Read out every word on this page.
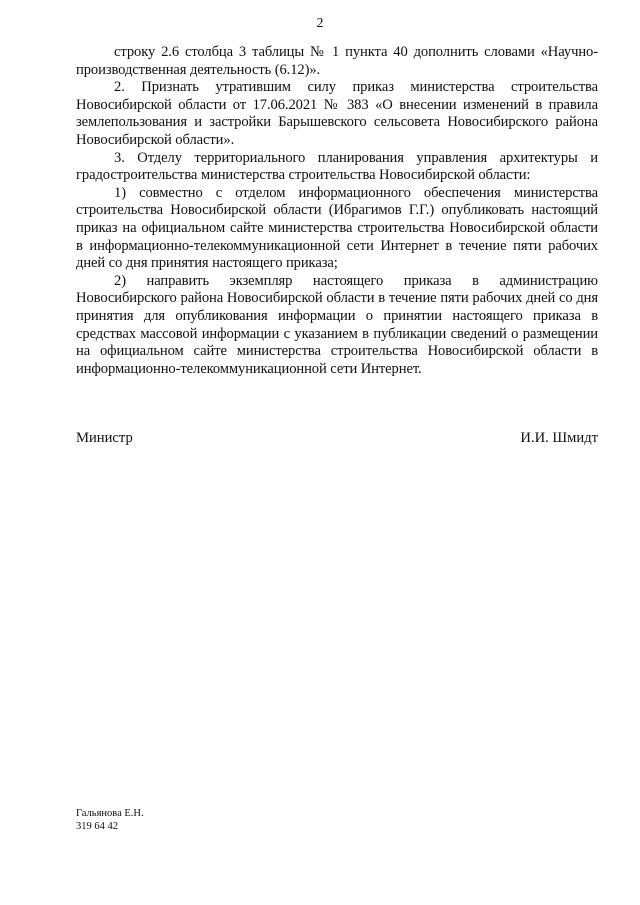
2

строку 2.6 столбца 3 таблицы № 1 пункта 40 дополнить словами «Научно-производственная деятельность (6.12)».

2. Признать утратившим силу приказ министерства строительства Новосибирской области от 17.06.2021 № 383 «О внесении изменений в правила землепользования и застройки Барышевского сельсовета Новосибирского района Новосибирской области».

3. Отделу территориального планирования управления архитектуры и градостроительства министерства строительства Новосибирской области:

1) совместно с отделом информационного обеспечения министерства строительства Новосибирской области (Ибрагимов Г.Г.) опубликовать настоящий приказ на официальном сайте министерства строительства Новосибирской области в информационно-телекоммуникационной сети Интернет в течение пяти рабочих дней со дня принятия настоящего приказа;

2) направить экземпляр настоящего приказа в администрацию Новосибирского района Новосибирской области в течение пяти рабочих дней со дня принятия для опубликования информации о принятии настоящего приказа в средствах массовой информации с указанием в публикации сведений о размещении на официальном сайте министерства строительства Новосибирской области в информационно-телекоммуникационной сети Интернет.

Министр	И.И. Шмидт
Гальянова Е.Н.
319 64 42
